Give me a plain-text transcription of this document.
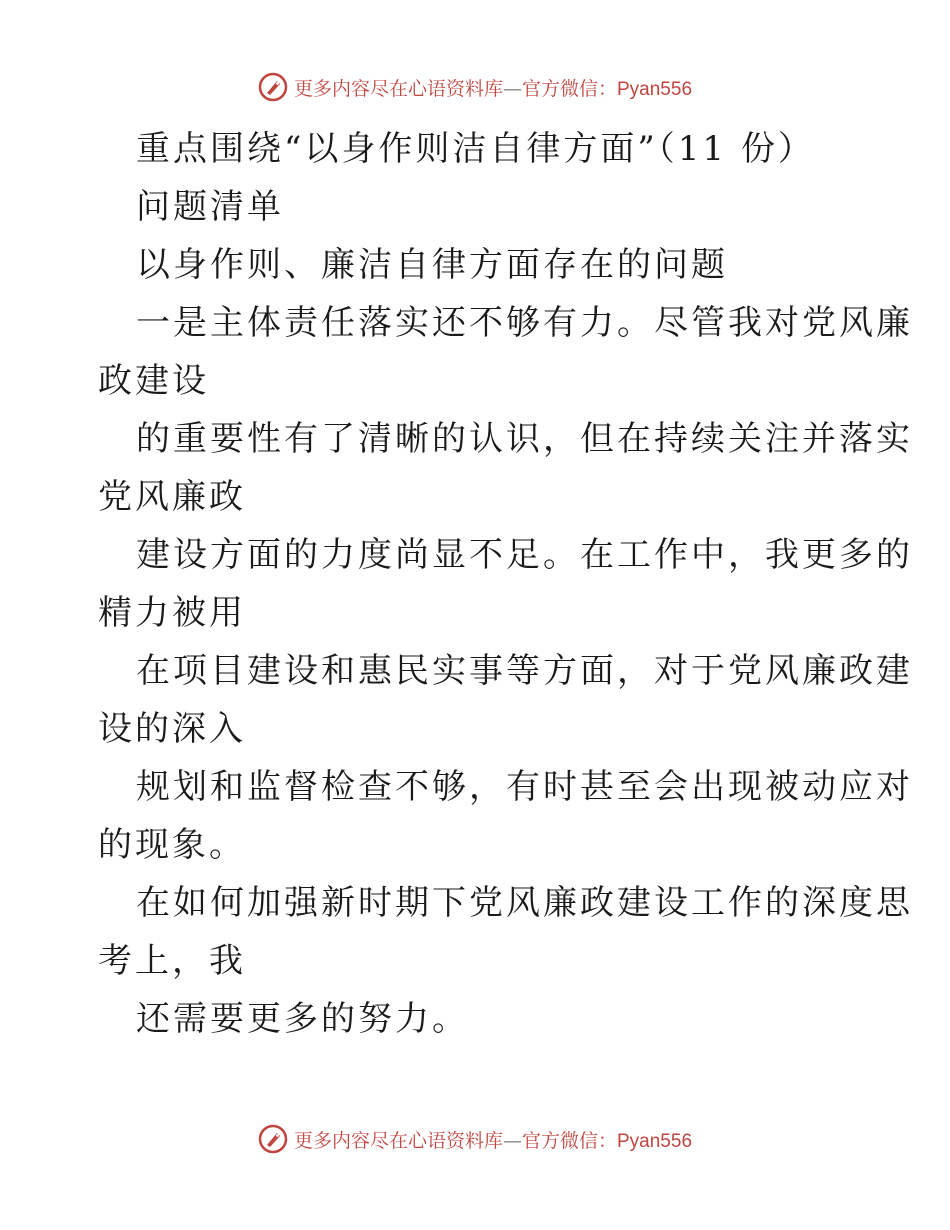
更多内容尽在心语资料库—官方微信：Pyan556
重点围绕“以身作则洁自律方面”（11 份）
问题清单
以身作则、廉洁自律方面存在的问题
一是主体责任落实还不够有力。尽管我对党风廉
政建设
的重要性有了清晰的认识，但在持续关注并落实
党风廉政
建设方面的力度尚显不足。在工作中，我更多的
精力被用
在项目建设和惠民实事等方面，对于党风廉政建
设的深入
规划和监督检查不够，有时甚至会出现被动应对
的现象。
在如何加强新时期下党风廉政建设工作的深度思
考上，我
还需要更多的努力。
更多内容尽在心语资料库—官方微信：Pyan556
